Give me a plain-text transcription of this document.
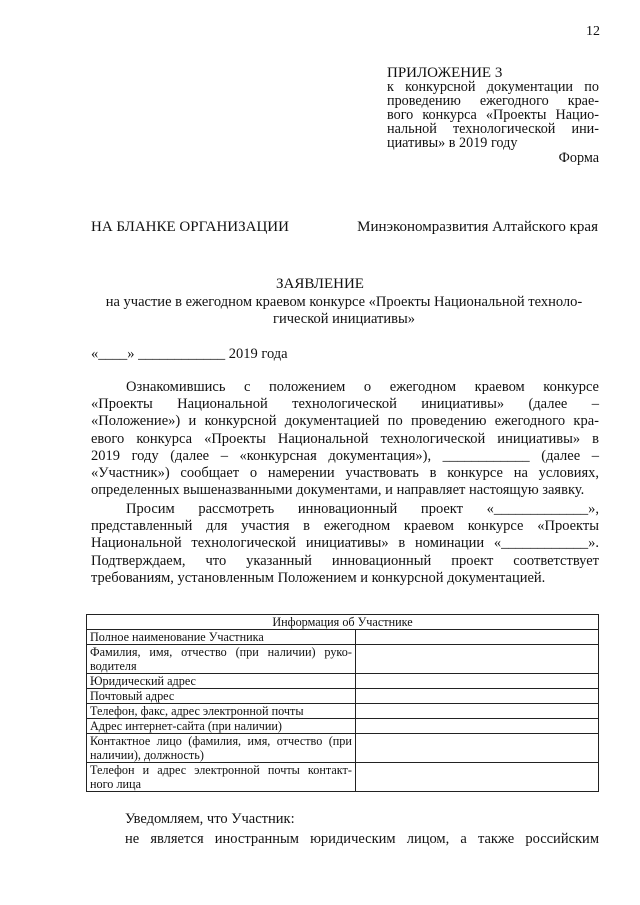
12
ПРИЛОЖЕНИЕ 3
к конкурсной документации по
проведению ежегодного крае-
вого конкурса «Проекты Нацио-
нальной технологической ини-
циативы» в 2019 году
Форма
НА БЛАНКЕ ОРГАНИЗАЦИИ	Минэкономразвития Алтайского края
ЗАЯВЛЕНИЕ
на участие в ежегодном краевом конкурсе «Проекты Национальной техноло-
гической инициативы»
«____» ____________ 2019 года
Ознакомившись с положением о ежегодном краевом конкурсе
«Проекты Национальной технологической инициативы» (далее –
«Положение») и конкурсной документацией по проведению ежегодного кра-
евого конкурса «Проекты Национальной технологической инициативы» в
2019 году (далее – «конкурсная документация»), ____________ (далее –
«Участник») сообщает о намерении участвовать в конкурсе на условиях,
определенных вышеназванными документами, и направляет настоящую заявку.
Просим рассмотреть инновационный проект «_____________»,
представленный для участия в ежегодном краевом конкурсе «Проекты
Национальной технологической инициативы» в номинации «____________».
Подтверждаем, что указанный инновационный проект соответствует
требованиям, установленным Положением и конкурсной документацией.
Информация об Участнике	

Полное наименование Участника	

Фамилия, имя, отчество (при наличии) руко-
водителя	

Юридический адрес	

Почтовый адрес	

Телефон, факс, адрес электронной почты	

Адрес интернет-сайта (при наличии)	

Контактное лицо (фамилия, имя, отчество (при
наличии), должность)	

Телефон и адрес электронной почты контакт-
ного лица	

Уведомляем, что Участник:
не является иностранным юридическим лицом, а также российским
